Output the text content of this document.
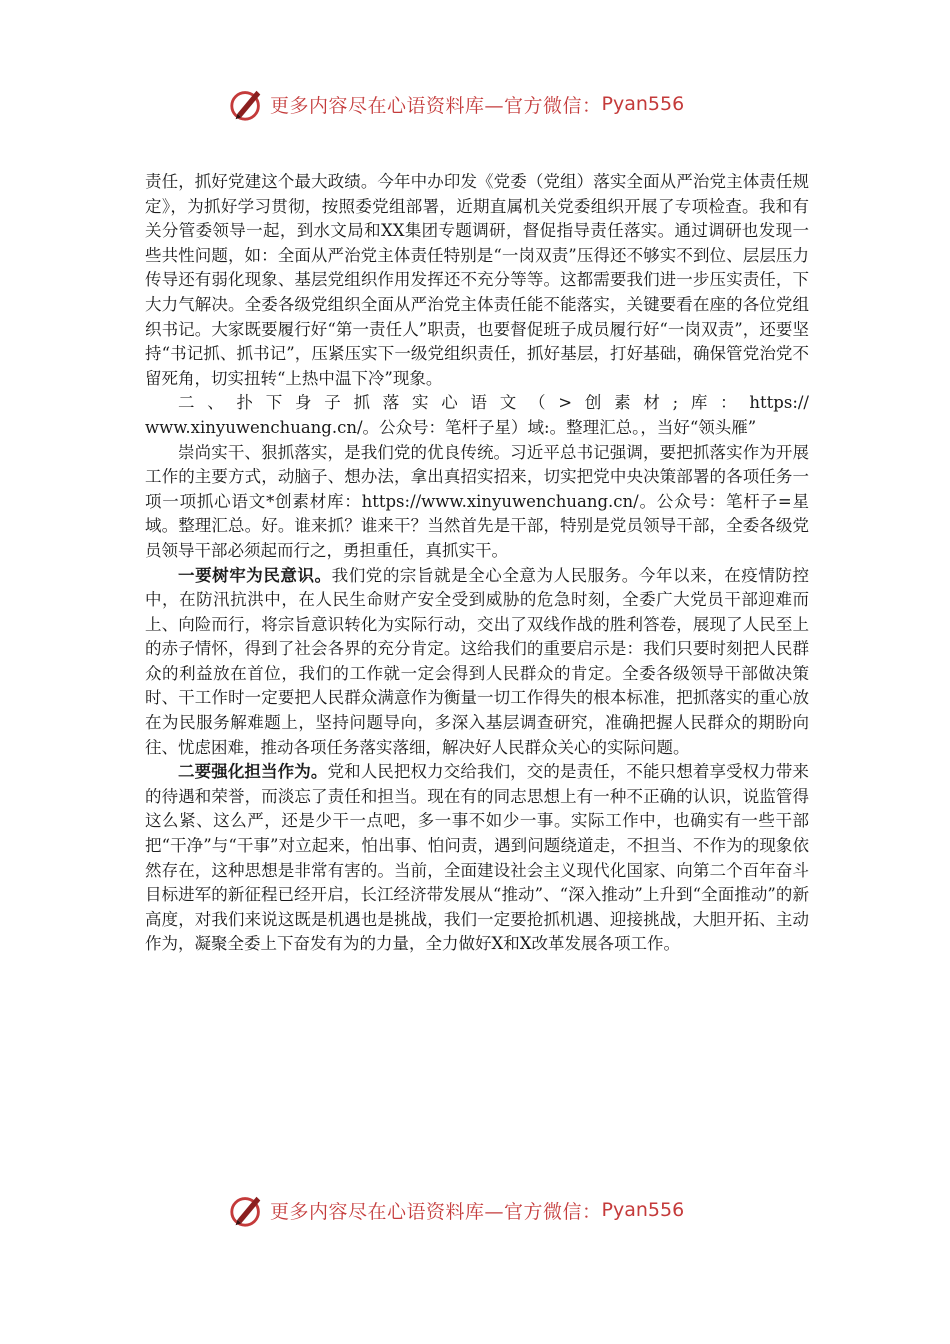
更多内容尽在心语资料库—官方微信： Pyan556

责任，抓好党建这个最大政绩。今年中办印发《党委（党组）落实全面从严治党主体责任规定》，为抓好学习贯彻，按照委党组部署，近期直属机关党委组织开展了专项检查。我和有关分管委领导一起，到水文局和XX集团专题调研，督促指导责任落实。通过调研也发现一些共性问题，如：全面从严治党主体责任特别是“一岗双责”压得还不够实不到位、层层压力传导还有弱化现象、基层党组织作用发挥还不充分等等。这都需要我们进一步压实责任，下大力气解决。全委各级党组织全面从严治党主体责任能不能落实，关键要看在座的各位党组织书记。大家既要履行好“第一责任人”职责，也要督促班子成员履行好“一岗双责”，还要坚持“书记抓、抓书记”，压紧压实下一级党组织责任，抓好基层，打好基础，确保管党治党不留死角，切实扭转“上热中温下冷”现象。

二、扑下身子抓落实心语文（>创素材;库：https://

www.xinyuwenchuang.cn/。公众号：笔杆子星）域:。整理汇总。，当好“领头雁”

崇尚实干、狠抓落实，是我们党的优良传统。习近平总书记强调，要把抓落实作为开展工作的主要方式，动脑子、想办法，拿出真招实招来，切实把党中央决策部署的各项任务一项一项抓心语文*创素材库：https://www.xinyuwenchuang.cn/。公众号：笔杆子=星域。整理汇总。好。谁来抓？谁来干？当然首先是干部，特别是党员领导干部，全委各级党员领导干部必须起而行之，勇担重任，真抓实干。

一要树牢为民意识。我们党的宗旨就是全心全意为人民服务。今年以来，在疫情防控中，在防汛抗洪中，在人民生命财产安全受到威胁的危急时刻，全委广大党员干部迎难而上、向险而行，将宗旨意识转化为实际行动，交出了双线作战的胜利答卷，展现了人民至上的赤子情怀，得到了社会各界的充分肯定。这给我们的重要启示是：我们只要时刻把人民群众的利益放在首位，我们的工作就一定会得到人民群众的肯定。全委各级领导干部做决策时、干工作时一定要把人民群众满意作为衡量一切工作得失的根本标准，把抓落实的重心放在为民服务解难题上，坚持问题导向，多深入基层调查研究，准确把握人民群众的期盼向往、忧虑困难，推动各项任务落实落细，解决好人民群众关心的实际问题。

二要强化担当作为。党和人民把权力交给我们，交的是责任，不能只想着享受权力带来的待遇和荣誉，而淡忘了责任和担当。现在有的同志思想上有一种不正确的认识，说监管得这么紧、这么严，还是少干一点吧，多一事不如少一事。实际工作中，也确实有一些干部把“干净”与“干事”对立起来，怕出事、怕问责，遇到问题绕道走，不担当、不作为的现象依然存在，这种思想是非常有害的。当前，全面建设社会主义现代化国家、向第二个百年奋斗目标进军的新征程已经开启，长江经济带发展从“推动”、“深入推动”上升到“全面推动”的新高度，对我们来说这既是机遇也是挑战，我们一定要抢抓机遇、迎接挑战，大胆开拓、主动作为，凝聚全委上下奋发有为的力量，全力做好X和X改革发展各项工作。

更多内容尽在心语资料库—官方微信： Pyan556
